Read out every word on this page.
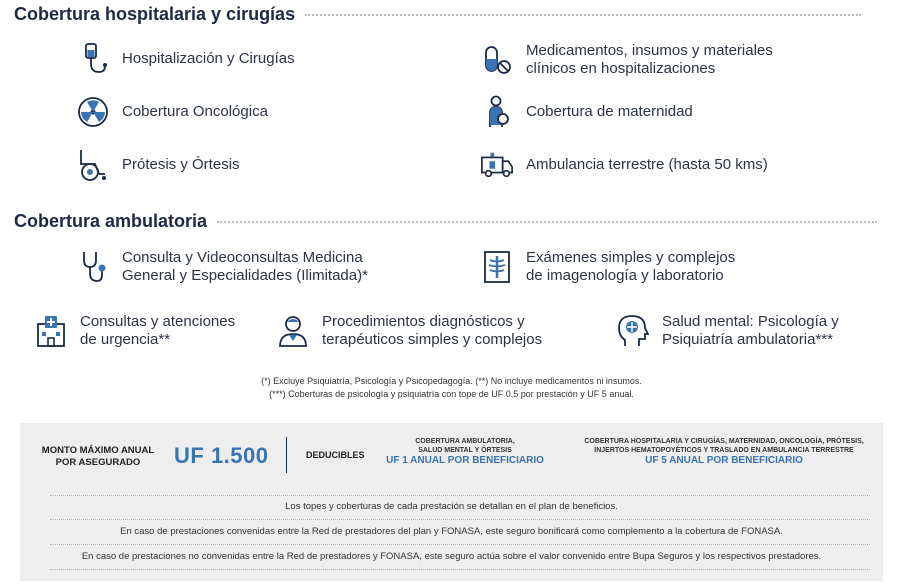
Cobertura hospitalaria y cirugías
Hospitalización y Cirugías	Medicamentos, insumos y materiales
clínicos en hospitalizaciones
Cobertura Oncológica	Cobertura de maternidad
Prótesis y Órtesis	Ambulancia terrestre (hasta 50 kms)
Cobertura ambulatoria
Consulta y Videoconsultas Medicina
General y Especialidades (Ilimitada)*
Exámenes simples y complejos
de imagenología y laboratorio
Consultas y atenciones
de urgencia**
Procedimientos diagnósticos y
terapéuticos simples y complejos
Salud mental: Psicología y
Psiquiatría ambulatoria***
(*) Excluye Psiquiatría, Psicología y Psicopedagogía. (**) No incluye medicamentos ni insumos.
(***) Coberturas de psicología y psiquiatría con tope de UF 0,5 por prestación y UF 5 anual.
MONTO MÁXIMO ANUAL
POR ASEGURADO	UF 1.500	DEDUCIBLES
COBERTURA AMBULATORIA,
SALUD MENTAL Y ÓRTESIS
UF 1 ANUAL POR BENEFICIARIO
COBERTURA HOSPITALARIA Y CIRUGÍAS, MATERNIDAD, ONCOLOGÍA, PRÓTESIS,
INJERTOS HEMATOPOYÉTICOS Y TRASLADO EN AMBULANCIA TERRESTRE
UF 5 ANUAL POR BENEFICIARIO
Los topes y coberturas de cada prestación se detallan en el plan de beneficios.
En caso de prestaciones convenidas entre la Red de prestadores del plan y FONASA, este seguro bonificará como complemento a la cobertura de FONASA.
En caso de prestaciones no convenidas entre la Red de prestadores y FONASA, este seguro actúa sobre el valor convenido entre Bupa Seguros y los respectivos prestadores.
